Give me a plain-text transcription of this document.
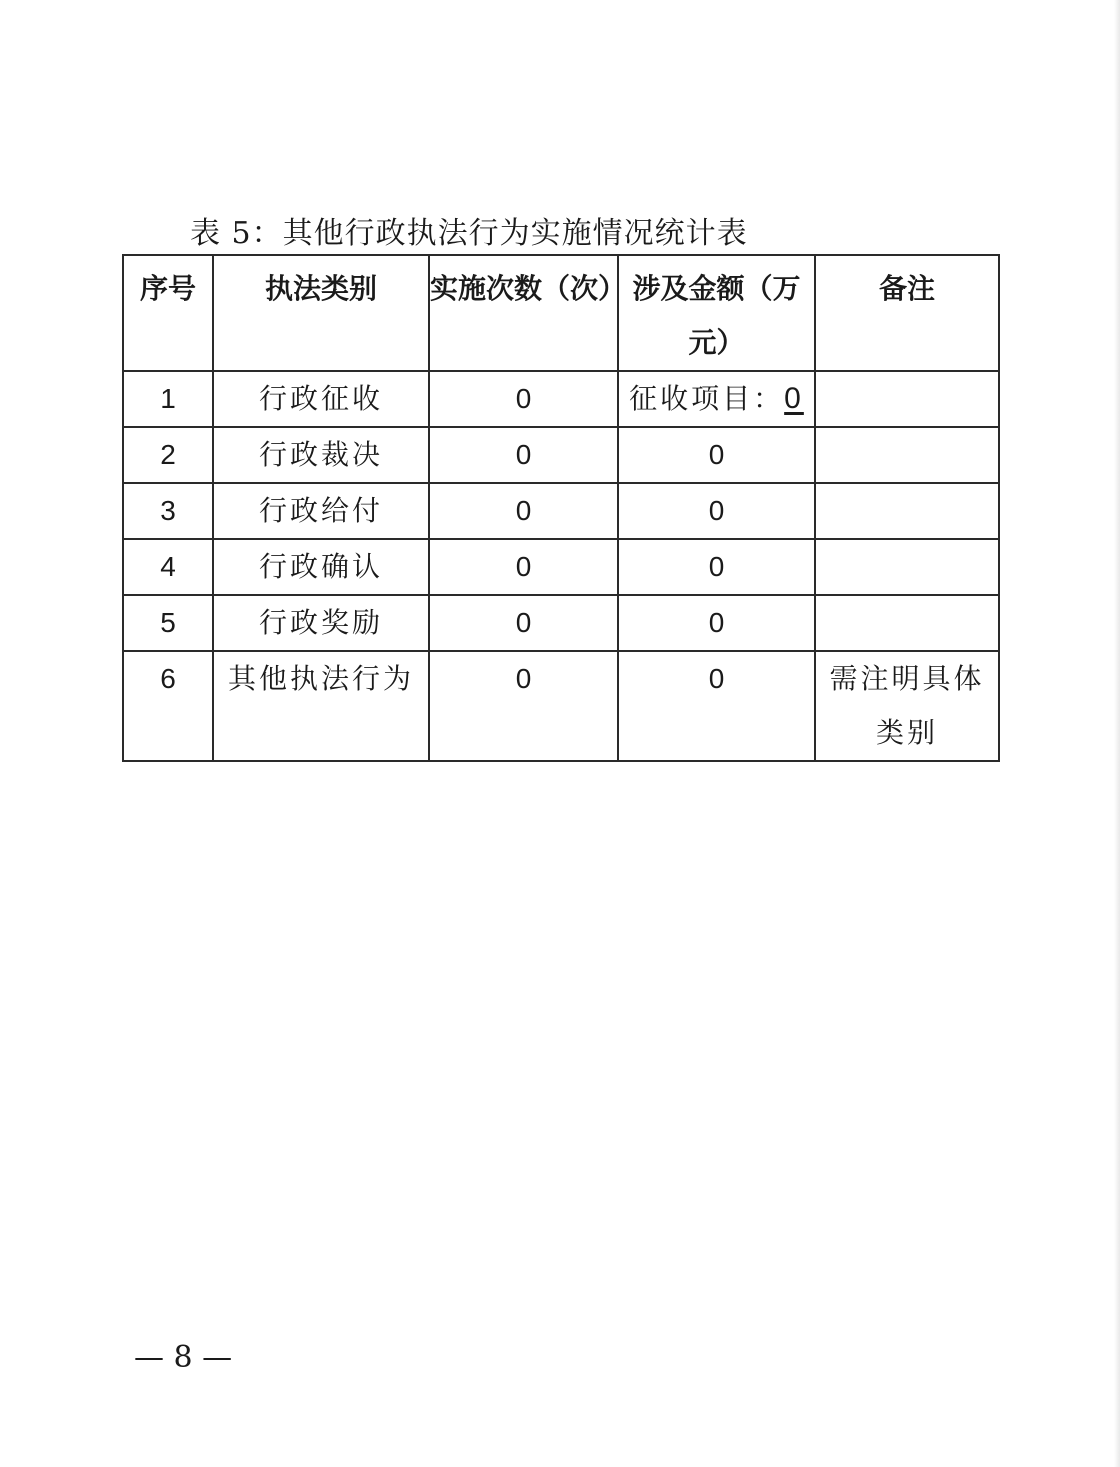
表 5：其他行政执法行为实施情况统计表
序号	执法类别	实施次数（次）	涉及金额（万元）	备注
1	行政征收	0	征收项目：0	
2	行政裁决	0	0	
3	行政给付	0	0	
4	行政确认	0	0	
5	行政奖励	0	0	
6	其他执法行为	0	0	需注明具体类别
— 8 —
